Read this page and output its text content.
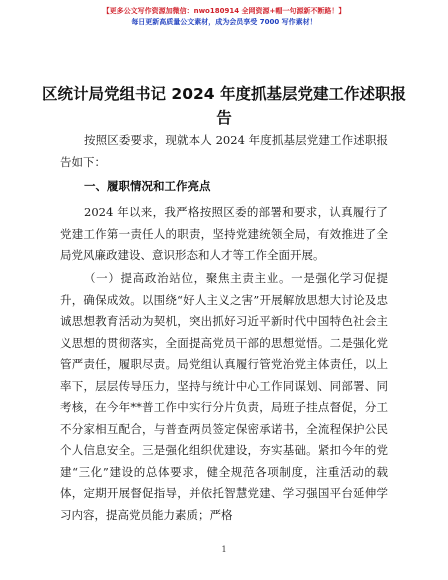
【更多公文写作资源加微信：nwo180914 全网资源+帽一句源新不断路！】
每日更新高质量公文素材，成为会员享受 7000 写作素材！
区统计局党组书记 2024 年度抓基层党建工作述职报告
按照区委要求，现就本人 2024 年度抓基层党建工作述职报告如下：
一、履职情况和工作亮点
2024 年以来，我严格按照区委的部署和要求，认真履行了党建工作第一责任人的职责，坚持党建统领全局，有效推进了全局党风廉政建设、意识形态和人才等工作全面开展。
（一）提高政治站位，聚焦主责主业。一是强化学习促提升，确保成效。以围绕“好人主义之害”开展解放思想大讨论及忠诚思想教育活动为契机，突出抓好习近平新时代中国特色社会主义思想的贯彻落实，全面提高党员干部的思想觉悟。二是强化党管严责任，履职尽责。局党组认真履行管党治党主体责任，以上率下，层层传导压力，坚持与统计中心工作同谋划、同部署、同考核，在今年**普工作中实行分片负责，局班子挂点督促，分工不分家相互配合，与普查两员签定保密承诺书，全流程保护公民个人信息安全。三是强化组织优建设，夯实基础。紧扣今年的党建“三化”建设的总体要求，健全规范各项制度，注重活动的载体，定期开展督促指导，并依托智慧党建、学习强国平台延伸学习内容，提高党员能力素质；严格
1
